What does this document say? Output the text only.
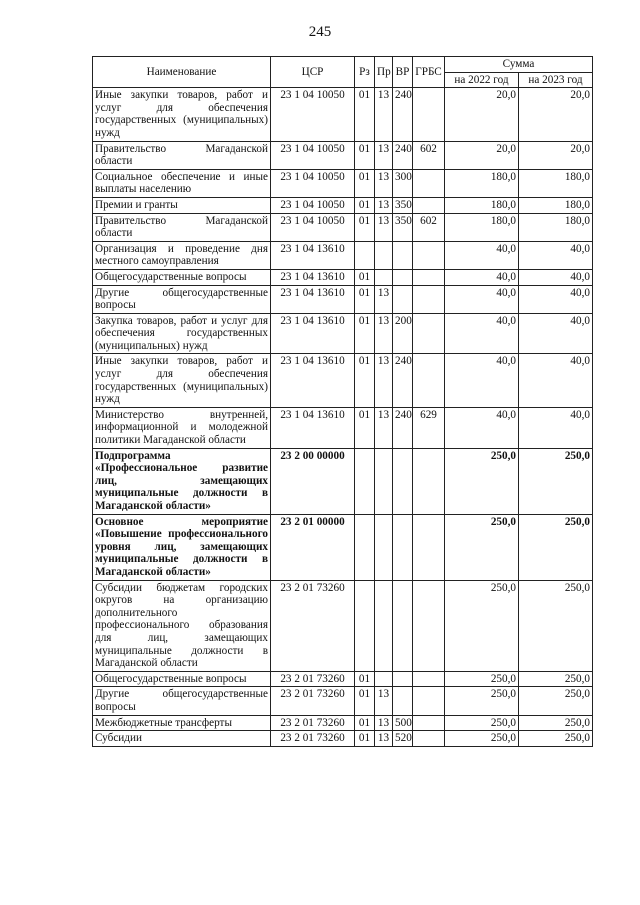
245
Наименование	ЦСР	Рз	Пр	ВР	ГРБС	Сумма	
						на 2022 год	на 2023 год
Иные закупки товаров, работ и услуг для обеспечения государственных (муниципальных) нужд	23 1 04 10050	01	13	240		20,0	20,0
Правительство Магаданской области	23 1 04 10050	01	13	240	602	20,0	20,0
Социальное обеспечение и иные выплаты населению	23 1 04 10050	01	13	300		180,0	180,0
Премии и гранты	23 1 04 10050	01	13	350		180,0	180,0
Правительство Магаданской области	23 1 04 10050	01	13	350	602	180,0	180,0
Организация и проведение дня местного самоуправления	23 1 04 13610					40,0	40,0
Общегосударственные вопросы	23 1 04 13610	01				40,0	40,0
Другие общегосударственные вопросы	23 1 04 13610	01	13			40,0	40,0
Закупка товаров, работ и услуг для обеспечения государственных (муниципальных) нужд	23 1 04 13610	01	13	200		40,0	40,0
Иные закупки товаров, работ и услуг для обеспечения государственных (муниципальных) нужд	23 1 04 13610	01	13	240		40,0	40,0
Министерство внутренней, информационной и молодежной политики Магаданской области	23 1 04 13610	01	13	240	629	40,0	40,0
Подпрограмма «Профессиональное развитие лиц, замещающих муниципальные должности в Магаданской области»	23 2 00 00000					250,0	250,0
Основное мероприятие «Повышение профессионального уровня лиц, замещающих муниципальные должности в Магаданской области»	23 2 01 00000					250,0	250,0
Субсидии бюджетам городских округов на организацию дополнительного профессионального образования для лиц, замещающих муниципальные должности в Магаданской области	23 2 01 73260					250,0	250,0
Общегосударственные вопросы	23 2 01 73260	01				250,0	250,0
Другие общегосударственные вопросы	23 2 01 73260	01	13			250,0	250,0
Межбюджетные трансферты	23 2 01 73260	01	13	500		250,0	250,0
Субсидии	23 2 01 73260	01	13	520		250,0	250,0
